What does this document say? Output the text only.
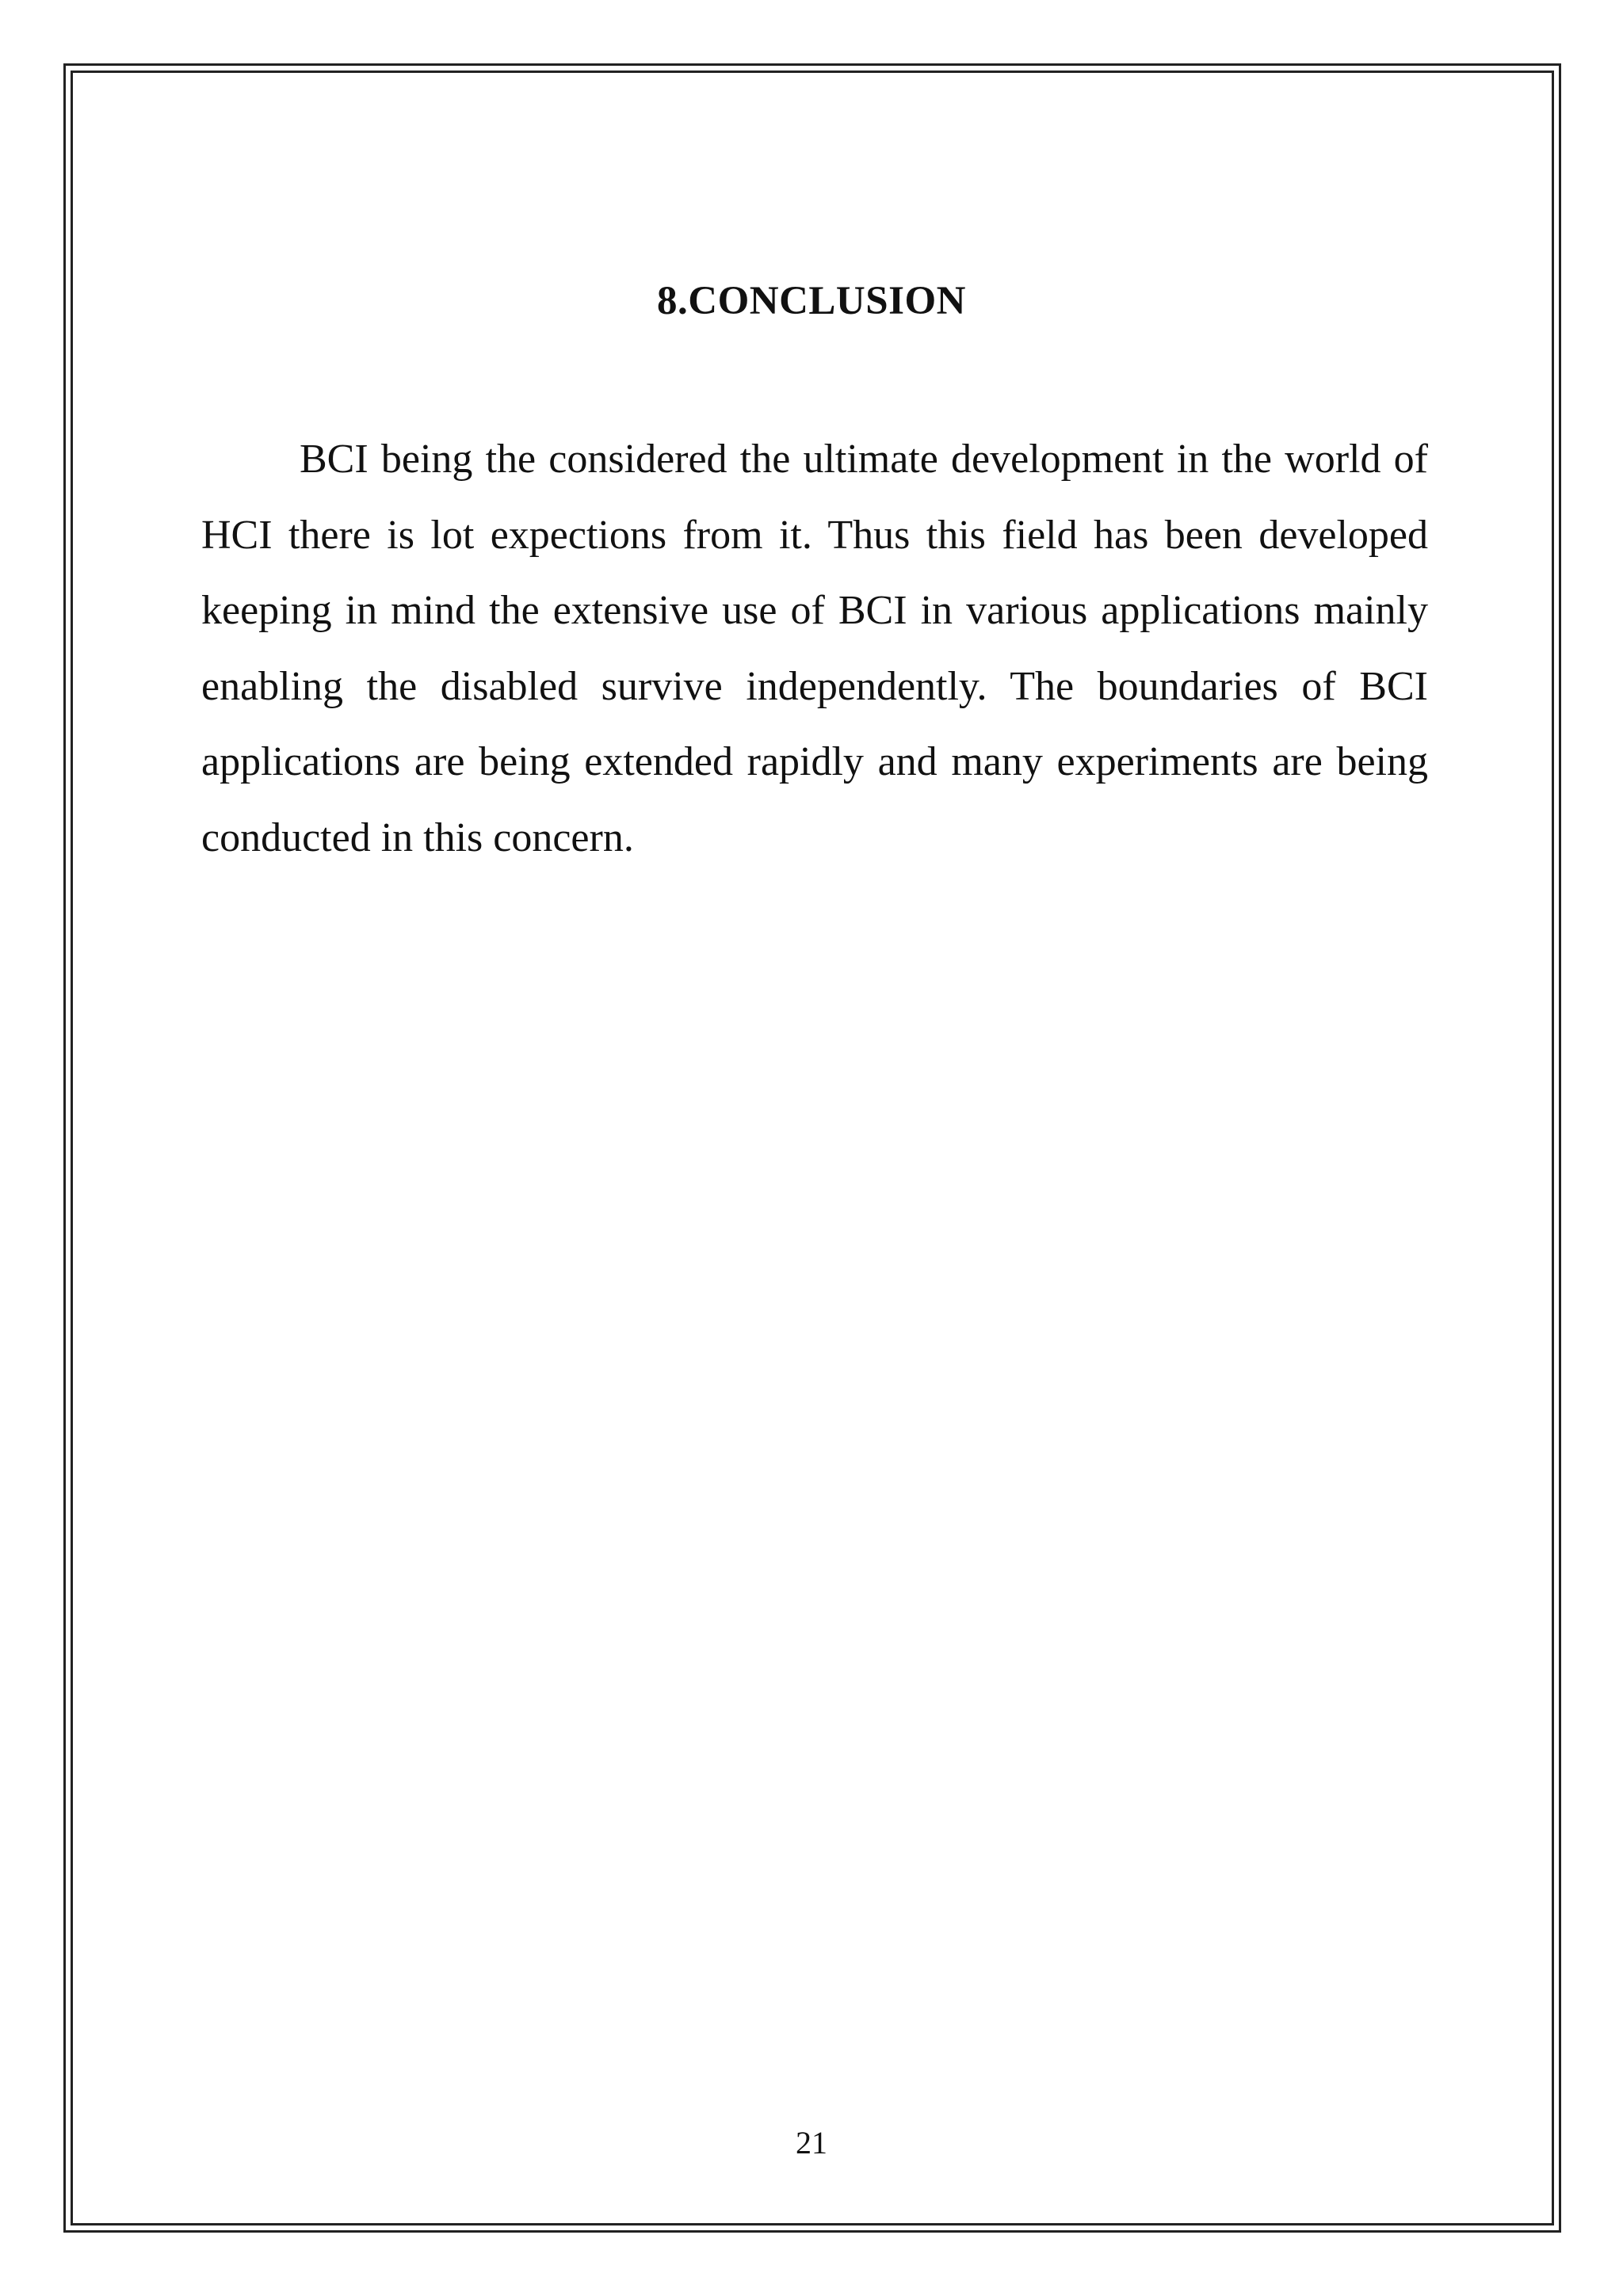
8.CONCLUSION

BCI being the considered the ultimate development in the world of HCI there is lot expections from it. Thus this field has been developed keeping in mind the extensive use of BCI in various applications mainly enabling the disabled survive independently. The boundaries of BCI applications are being extended rapidly and many experiments are being conducted in this concern.

21
